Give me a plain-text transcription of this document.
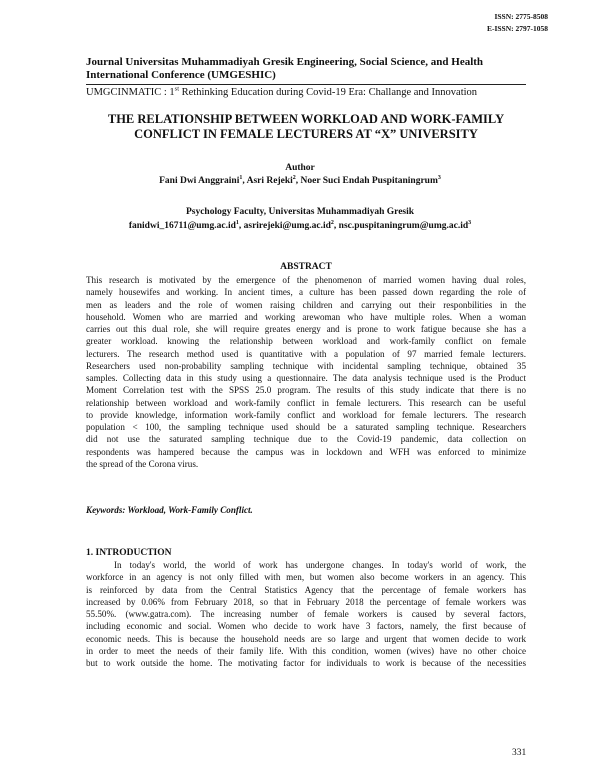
ISSN: 2775-8508
E-ISSN: 2797-1058
Journal Universitas Muhammadiyah Gresik Engineering, Social Science, and Health International Conference (UMGESHIC)
UMGCINMATIC : 1st Rethinking Education during Covid-19 Era: Challange and Innovation
THE RELATIONSHIP BETWEEN WORKLOAD AND WORK-FAMILY
CONFLICT IN FEMALE LECTURERS AT “X” UNIVERSITY
Author
Fani Dwi Anggraini$^1$, Asri Rejeki$^2$, Noer Suci Endah Puspitaningrum$^3$
Psychology Faculty, Universitas Muhammadiyah Gresik
$fanidwi\_16711@umg.ac.id^1$, $asrirejeki@umg.ac.id^2$, $nsc.puspitaningrum@umg.ac.id^3$
ABSTRACT
This research is motivated by the emergence of the phenomenon of married women having dual roles,
namely housewifes and working. In ancient times, a culture has been passed down regarding the role of
men as leaders and the role of women raising children and carrying out their responbilities in the
household. Women who are married and working arewoman who have multiple roles. When a woman
carries out this dual role, she will require greates energy and is prone to work fatigue because she has a
greater workload. knowing the relationship between workload and work-family conflict on female
lecturers. The research method used is quantitative with a population of 97 married female lecturers.
Researchers used non-probability sampling technique with incidental sampling technique, obtained 35
samples. Collecting data in this study using a questionnaire. The data analysis technique used is the Product
Moment Correlation test with the SPSS 25.0 program. The results of this study indicate that there is no
relationship between workload and work-family conflict in female lecturers. This research can be useful
to provide knowledge, information work-family conflict and workload for female lecturers. The research
population < 100, the sampling technique used should be a saturated sampling technique. Researchers
did not use the saturated sampling technique due to the Covid-19 pandemic, data collection on
respondents was hampered because the campus was in lockdown and WFH was enforced to minimize
the spread of the Corona virus.
Keywords: Workload, Work-Family Conflict.
1. INTRODUCTION
In today's world, the world of work has undergone changes. In today's world of work, the
workforce in an agency is not only filled with men, but women also become workers in an agency. This
is reinforced by data from the Central Statistics Agency that the percentage of female workers has
increased by 0.06% from February 2018, so that in February 2018 the percentage of female workers was
55.50%. (www.gatra.com). The increasing number of female workers is caused by several factors,
including economic and social. Women who decide to work have 3 factors, namely, the first because of
economic needs. This is because the household needs are so large and urgent that women decide to work
in order to meet the needs of their family life. With this condition, women (wives) have no other choice
but to work outside the home. The motivating factor for individuals to work is because of the necessities
331
